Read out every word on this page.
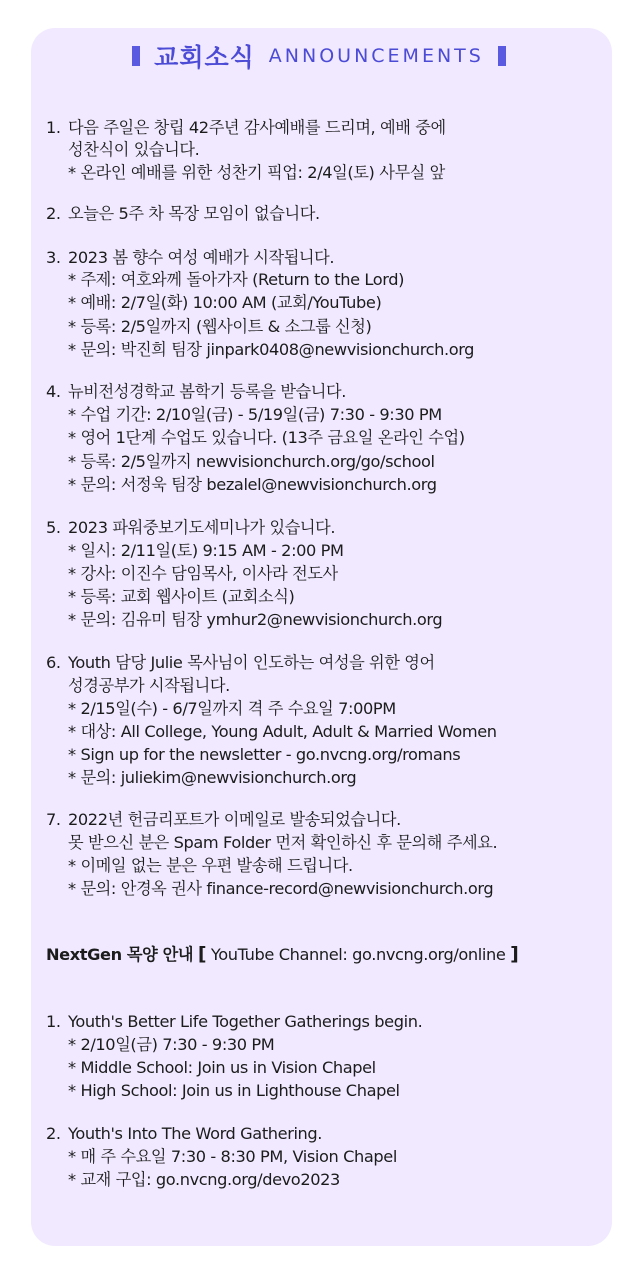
교회소식 ANNOUNCEMENTS
1. 다음 주일은 창립 42주년 감사예배를 드리며, 예배 중에
성찬식이 있습니다.
* 온라인 예배를 위한 성찬기 픽업: 2/4일(토) 사무실 앞
2. 오늘은 5주 차 목장 모임이 없습니다.
3. 2023 봄 향수 여성 예배가 시작됩니다.
* 주제: 여호와께 돌아가자 (Return to the Lord)
* 예배: 2/7일(화) 10:00 AM (교회/YouTube)
* 등록: 2/5일까지 (웹사이트 & 소그룹 신청)
* 문의: 박진희 팀장 jinpark0408@newvisionchurch.org
4. 뉴비전성경학교 봄학기 등록을 받습니다.
* 수업 기간: 2/10일(금) - 5/19일(금) 7:30 - 9:30 PM
* 영어 1단계 수업도 있습니다. (13주 금요일 온라인 수업)
* 등록: 2/5일까지 newvisionchurch.org/go/school
* 문의: 서정욱 팀장 bezalel@newvisionchurch.org
5. 2023 파워중보기도세미나가 있습니다.
* 일시: 2/11일(토) 9:15 AM - 2:00 PM
* 강사: 이진수 담임목사, 이사라 전도사
* 등록: 교회 웹사이트 (교회소식)
* 문의: 김유미 팀장 ymhur2@newvisionchurch.org
6. Youth 담당 Julie 목사님이 인도하는 여성을 위한 영어
성경공부가 시작됩니다.
* 2/15일(수) - 6/7일까지 격 주 수요일 7:00PM
* 대상: All College, Young Adult, Adult & Married Women
* Sign up for the newsletter - go.nvcng.org/romans
* 문의: juliekim@newvisionchurch.org
7. 2022년 헌금리포트가 이메일로 발송되었습니다.
못 받으신 분은 Spam Folder 먼저 확인하신 후 문의해 주세요.
* 이메일 없는 분은 우편 발송해 드립니다.
* 문의: 안경옥 권사 finance-record@newvisionchurch.org
NextGen 목양 안내 [ YouTube Channel: go.nvcng.org/online ]
1. Youth's Better Life Together Gatherings begin.
* 2/10일(금) 7:30 - 9:30 PM
* Middle School: Join us in Vision Chapel
* High School: Join us in Lighthouse Chapel
2. Youth's Into The Word Gathering.
* 매 주 수요일 7:30 - 8:30 PM, Vision Chapel
* 교재 구입: go.nvcng.org/devo2023
